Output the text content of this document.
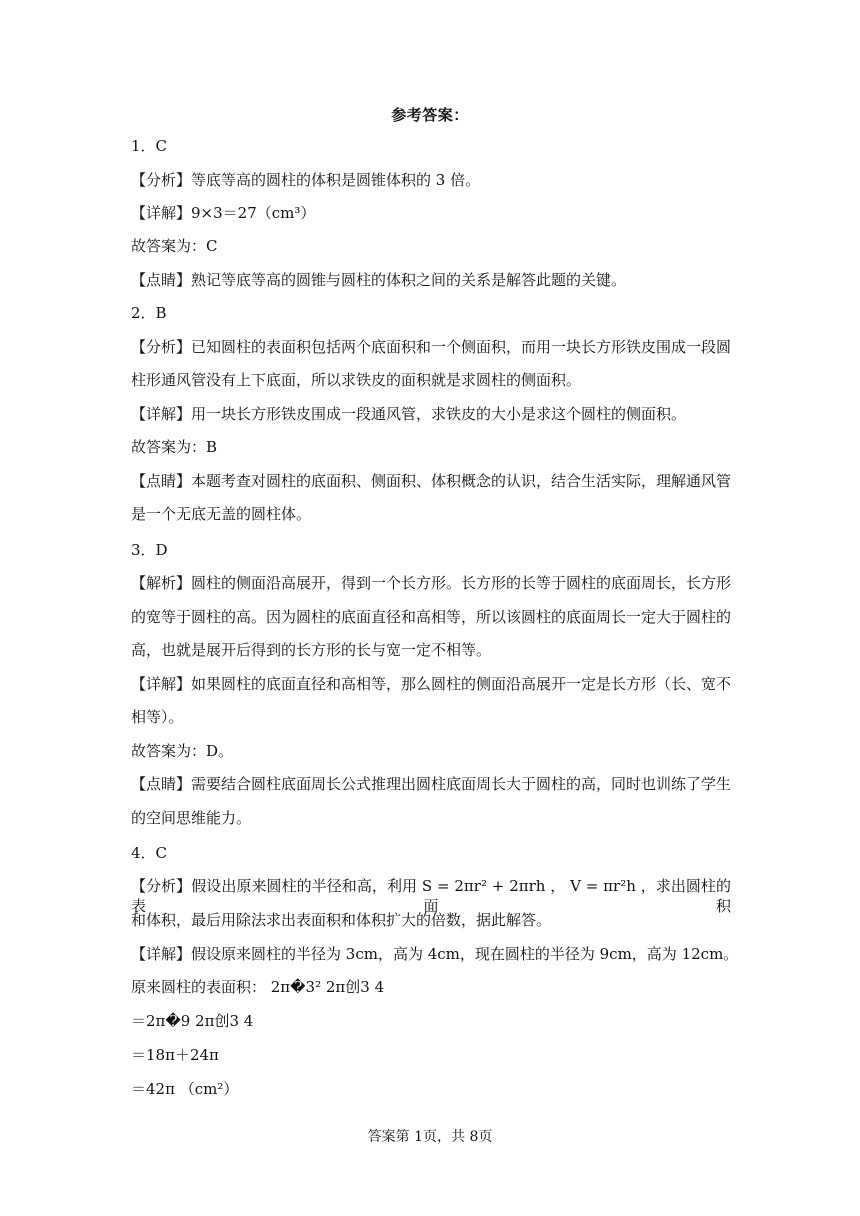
参考答案：
1．C
【分析】等底等高的圆柱的体积是圆锥体积的 3 倍。
【详解】9×3＝27（cm³）
故答案为：C
【点睛】熟记等底等高的圆锥与圆柱的体积之间的关系是解答此题的关键。
2．B
【分析】已知圆柱的表面积包括两个底面积和一个侧面积，而用一块长方形铁皮围成一段圆
柱形通风管没有上下底面，所以求铁皮的面积就是求圆柱的侧面积。
【详解】用一块长方形铁皮围成一段通风管，求铁皮的大小是求这个圆柱的侧面积。
故答案为：B
【点睛】本题考查对圆柱的底面积、侧面积、体积概念的认识，结合生活实际，理解通风管
是一个无底无盖的圆柱体。
3．D
【解析】圆柱的侧面沿高展开，得到一个长方形。长方形的长等于圆柱的底面周长，长方形
的宽等于圆柱的高。因为圆柱的底面直径和高相等，所以该圆柱的底面周长一定大于圆柱的
高，也就是展开后得到的长方形的长与宽一定不相等。
【详解】如果圆柱的底面直径和高相等，那么圆柱的侧面沿高展开一定是长方形（长、宽不
相等）。
故答案为：D。
【点睛】需要结合圆柱底面周长公式推理出圆柱底面周长大于圆柱的高，同时也训练了学生
的空间思维能力。
4．C
【分析】假设出原来圆柱的半径和高，利用 S = 2πr² + 2πrh ， V = πr²h ，求出圆柱的表面积
和体积，最后用除法求出表面积和体积扩大的倍数，据此解答。
【详解】假设原来圆柱的半径为 3cm，高为 4cm，现在圆柱的半径为 9cm，高为 12cm。
原来圆柱的表面积： 2π�3² 2π创3 4
＝2π�9 2π创3 4
＝18π＋24π
＝42π （cm²）
答案第 1页，共 8页
